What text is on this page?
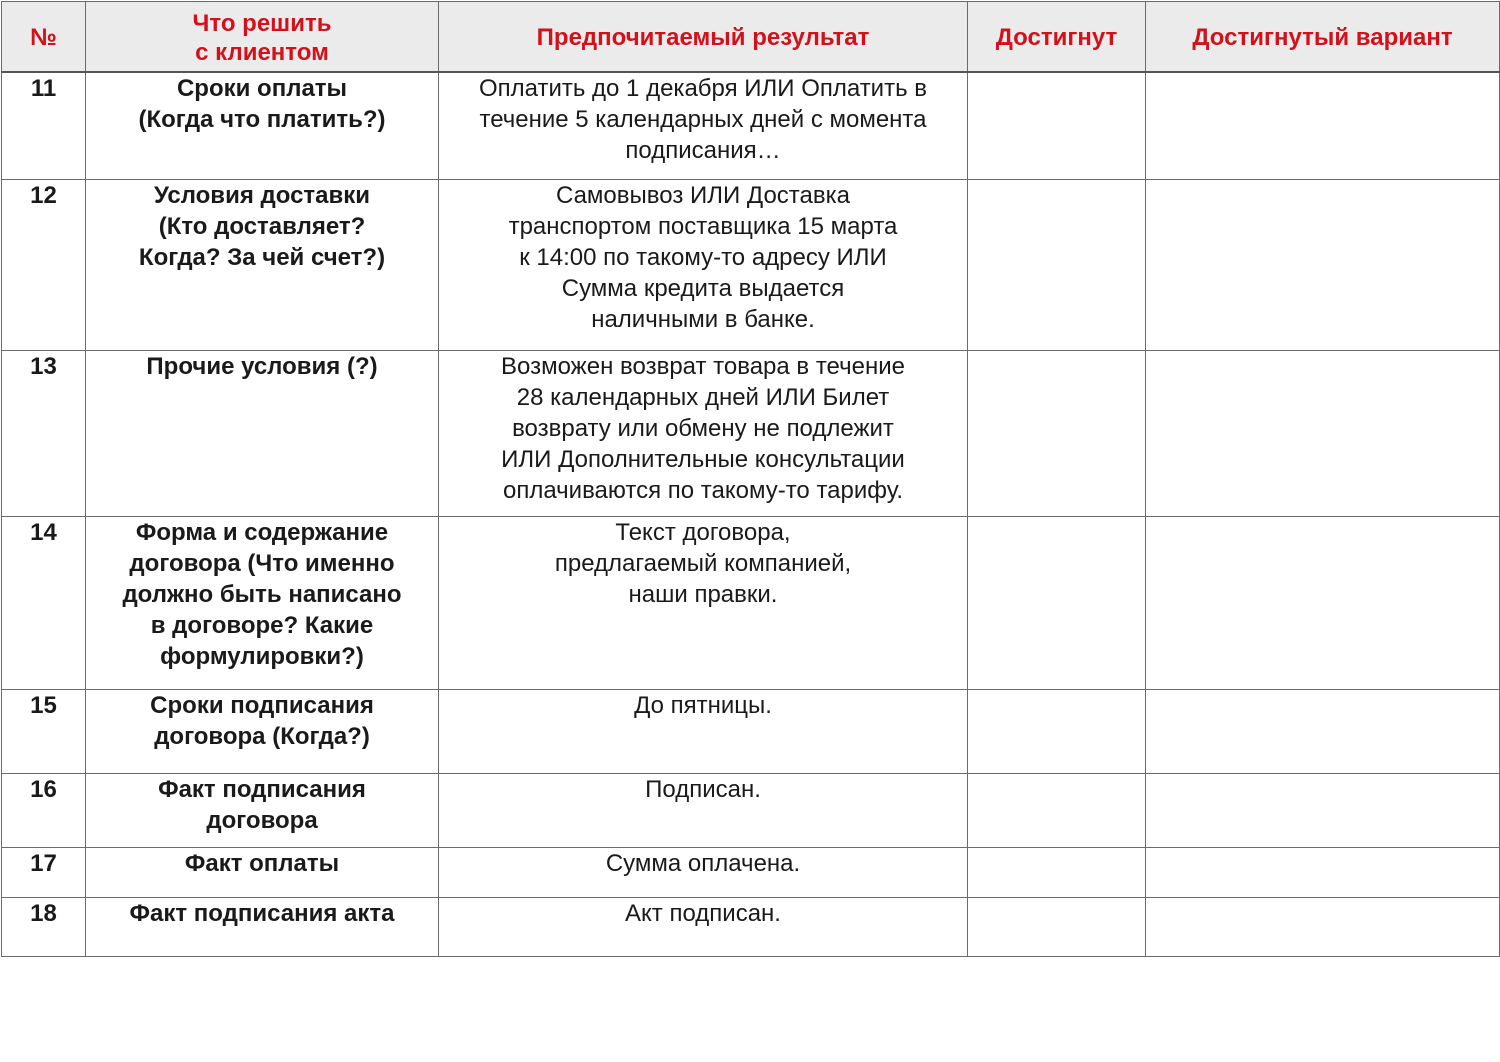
№	Что решить
с клиентом	Предпочитаемый результат	Достигнут	Достигнутый вариант

11	Сроки оплаты
(Когда что платить?)	Оплатить до 1 декабря ИЛИ Оплатить в
течение 5 календарных дней с момента
подписания…		

12	Условия доставки
(Кто доставляет?
Когда? За чей счет?)	Самовывоз ИЛИ Доставка
транспортом поставщика 15 марта
к 14:00 по такому-то адресу ИЛИ
Сумма кредита выдается
наличными в банке.		

13	Прочие условия (?)	Возможен возврат товара в течение
28 календарных дней ИЛИ Билет
возврату или обмену не подлежит
ИЛИ Дополнительные консультации
оплачиваются по такому-то тарифу.		

14	Форма и содержание
договора (Что именно
должно быть написано
в договоре? Какие
формулировки?)	Текст договора,
предлагаемый компанией,
наши правки.		

15	Сроки подписания
договора (Когда?)	До пятницы.		

16	Факт подписания
договора	Подписан.		

17	Факт оплаты	Сумма оплачена.		

18	Факт подписания акта	Акт подписан.		
